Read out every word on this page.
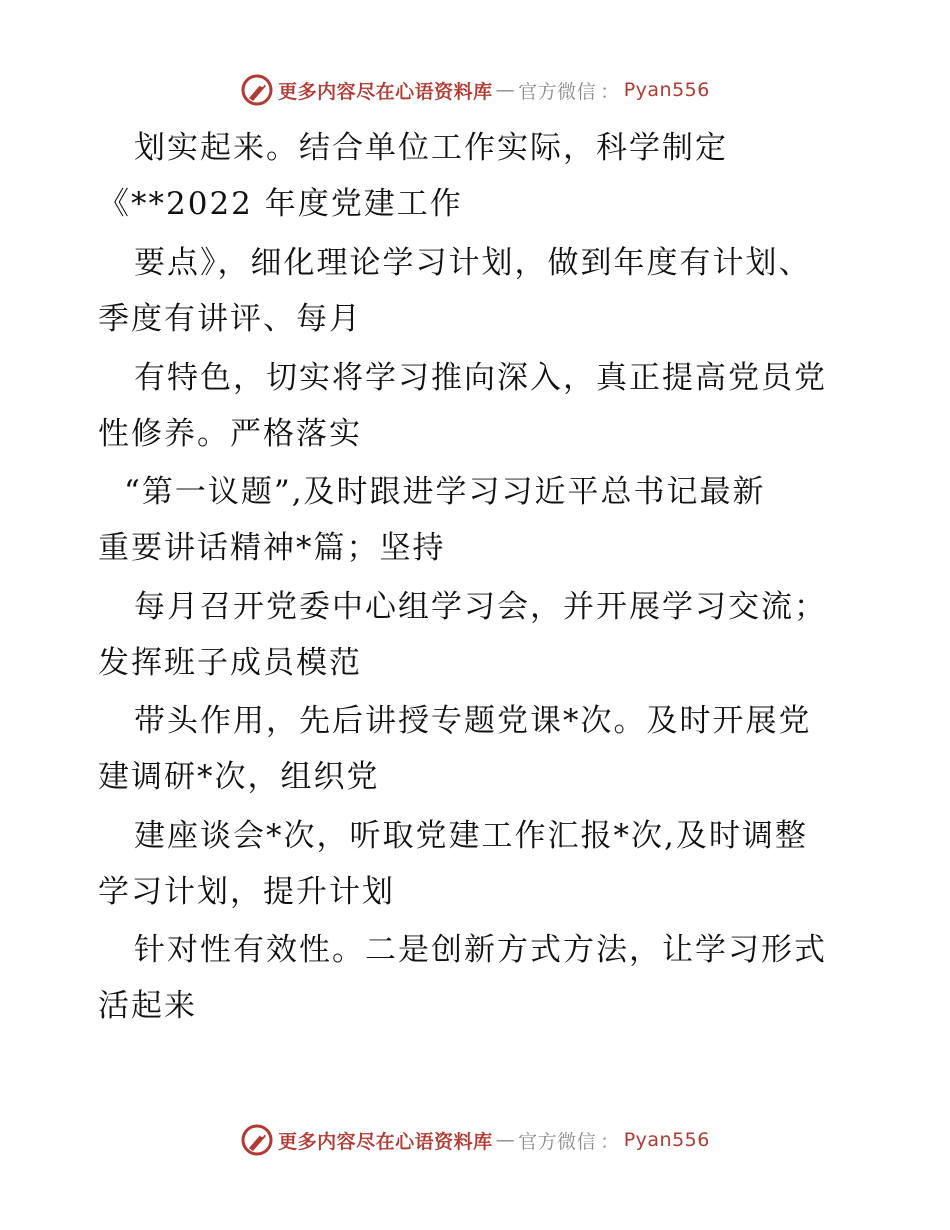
更多内容尽在心语资料库 — 官方微信 ： Pyan556
划实起来。结合单位工作实际，科学制定
《**2022 年度党建工作
要点》，细化理论学习计划，做到年度有计划、
季度有讲评、每月
有特色，切实将学习推向深入，真正提高党员党
性修养。严格落实
“第一议题”,及时跟进学习习近平总书记最新
重要讲话精神*篇；坚持
每月召开党委中心组学习会，并开展学习交流；
发挥班子成员模范
带头作用，先后讲授专题党课*次。及时开展党
建调研*次，组织党
建座谈会*次，听取党建工作汇报*次,及时调整
学习计划，提升计划
针对性有效性。二是创新方式方法，让学习形式
活起来
更多内容尽在心语资料库 — 官方微信 ： Pyan556
